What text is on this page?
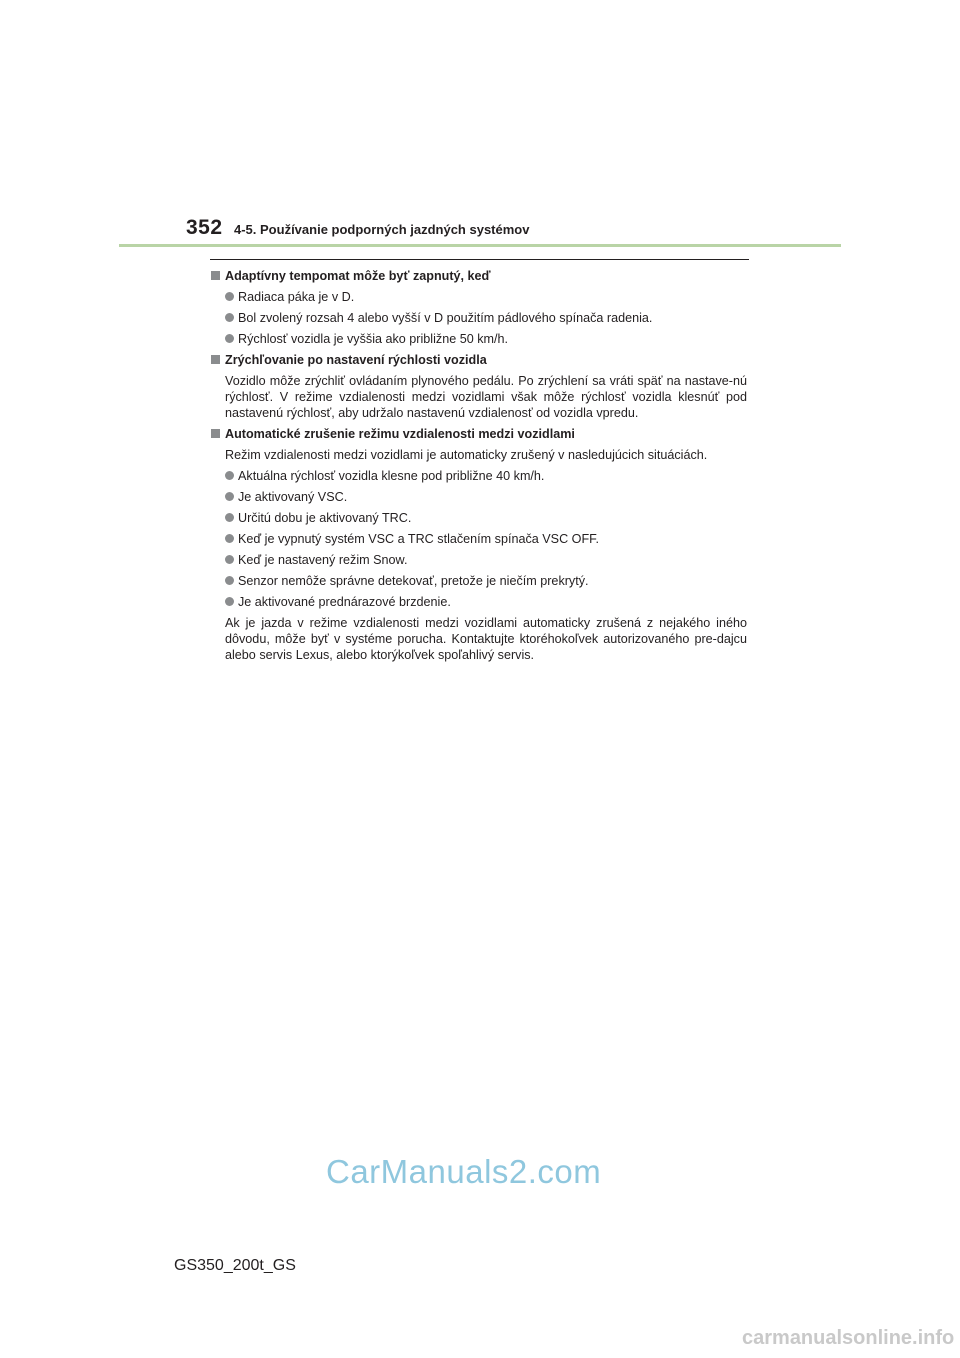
352 4-5. Používanie podporných jazdných systémov
Adaptívny tempomat môže byť zapnutý, keď
Radiaca páka je v D.
Bol zvolený rozsah 4 alebo vyšší v D použitím pádlového spínača radenia.
Rýchlosť vozidla je vyššia ako približne 50 km/h.
Zrýchľovanie po nastavení rýchlosti vozidla
Vozidlo môže zrýchliť ovládaním plynového pedálu. Po zrýchlení sa vráti späť na nastave-nú rýchlosť. V režime vzdialenosti medzi vozidlami však môže rýchlosť vozidla klesnúť pod nastavenú rýchlosť, aby udržalo nastavenú vzdialenosť od vozidla vpredu.
Automatické zrušenie režimu vzdialenosti medzi vozidlami
Režim vzdialenosti medzi vozidlami je automaticky zrušený v nasledujúcich situáciách.
Aktuálna rýchlosť vozidla klesne pod približne 40 km/h.
Je aktivovaný VSC.
Určitú dobu je aktivovaný TRC.
Keď je vypnutý systém VSC a TRC stlačením spínača VSC OFF.
Keď je nastavený režim Snow.
Senzor nemôže správne detekovať, pretože je niečím prekrytý.
Je aktivované prednárazové brzdenie.
Ak je jazda v režime vzdialenosti medzi vozidlami automaticky zrušená z nejakého iného dôvodu, môže byť v systéme porucha. Kontaktujte ktoréhokoľvek autorizovaného pre-dajcu alebo servis Lexus, alebo ktorýkoľvek spoľahlivý servis.
CarManuals2.com
GS350_200t_GS
carmanualsonline.info
